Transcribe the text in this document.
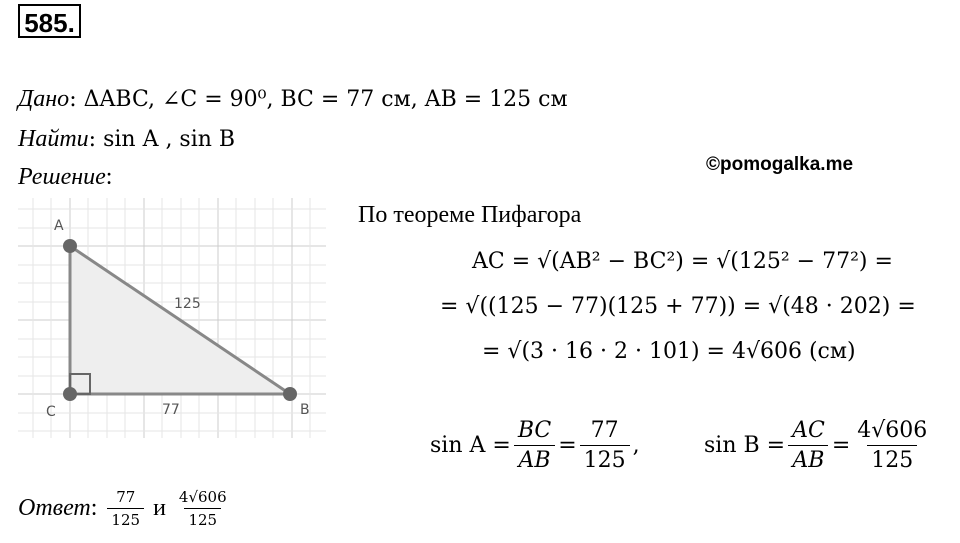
585.
Дано: ΔABC, ∠C = 90⁰, BC = 77 см, AB = 125 см
Найти: sin A , sin B
Решение:	©pomogalka.me
A
C	B
125
77
По теореме Пифагора
AC = √(AB² − BC²) = √(125² − 77²) =
= √((125 − 77)(125 + 77)) = √(48 · 202) =
= √(3 · 16 · 2 · 101) = 4√606 (см)
$\sin A = \frac{BC}{AB} = \frac{77}{125}$ ,	$\sin B = \frac{AC}{AB} = \frac{4√606}{125}$
Ответ : $\frac{77}{125}$ и $\frac{4√606}{125}$
